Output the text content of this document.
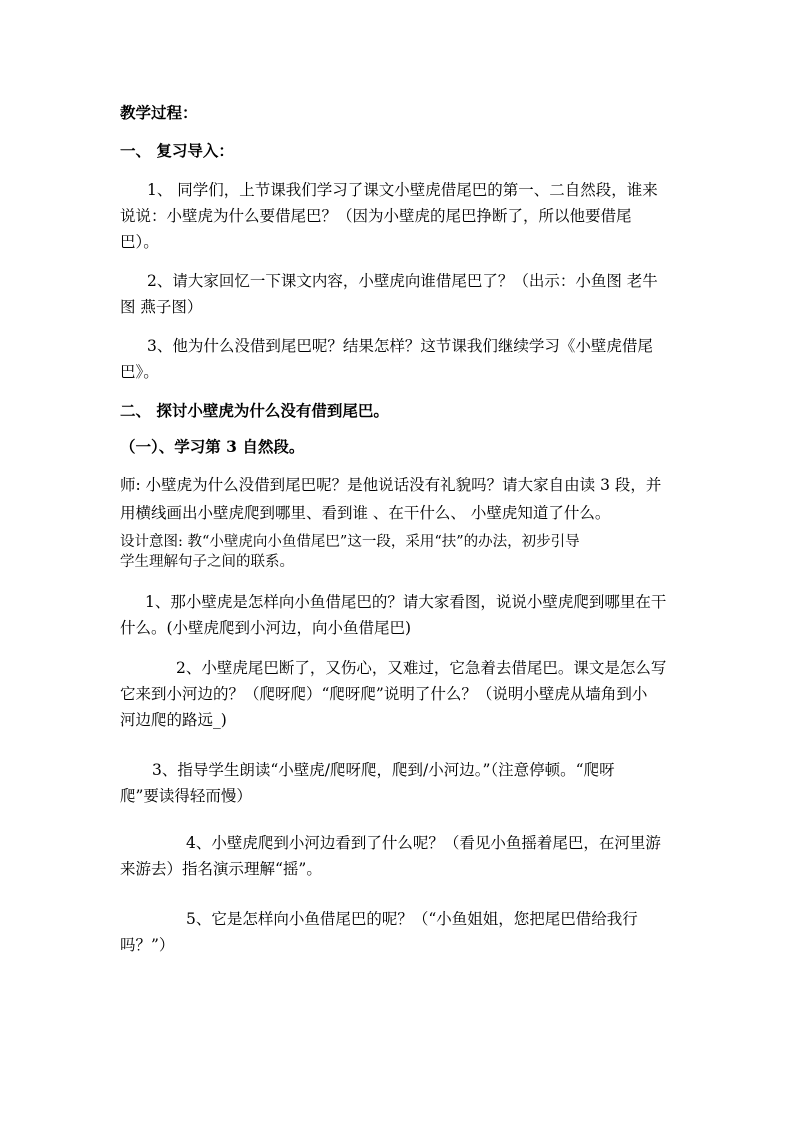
教学过程：
一、 复习导入：
1、 同学们，上节课我们学习了课文小壁虎借尾巴的第一、二自然段，谁来
说说：小壁虎为什么要借尾巴？（因为小壁虎的尾巴挣断了，所以他要借尾
巴）。
2、请大家回忆一下课文内容，小壁虎向谁借尾巴了？（出示：小鱼图 老牛
图 燕子图）
3、他为什么没借到尾巴呢？结果怎样？这节课我们继续学习《小壁虎借尾
巴》。
二、 探讨小壁虎为什么没有借到尾巴。
（一）、学习第 3 自然段。
师: 小壁虎为什么没借到尾巴呢？是他说话没有礼貌吗？请大家自由读 3 段，并
用横线画出小壁虎爬到哪里、看到谁 、在干什么、 小壁虎知道了什么。
设计意图: 教“小壁虎向小鱼借尾巴”这一段，采用“扶”的办法，初步引导
学生理解句子之间的联系。
1、那小壁虎是怎样向小鱼借尾巴的？请大家看图，说说小壁虎爬到哪里在干
什么。(小壁虎爬到小河边，向小鱼借尾巴)
2、小壁虎尾巴断了，又伤心，又难过，它急着去借尾巴。课文是怎么写
它来到小河边的？（爬呀爬）“爬呀爬”说明了什么？（说明小壁虎从墙角到小
河边爬的路远_)
3、指导学生朗读“小壁虎/爬呀爬，爬到/小河边。”（注意停顿。“爬呀
爬”要读得轻而慢）
4、小壁虎爬到小河边看到了什么呢？（看见小鱼摇着尾巴，在河里游
来游去）指名演示理解“摇”。
5、它是怎样向小鱼借尾巴的呢？（“小鱼姐姐，您把尾巴借给我行
吗？”）
